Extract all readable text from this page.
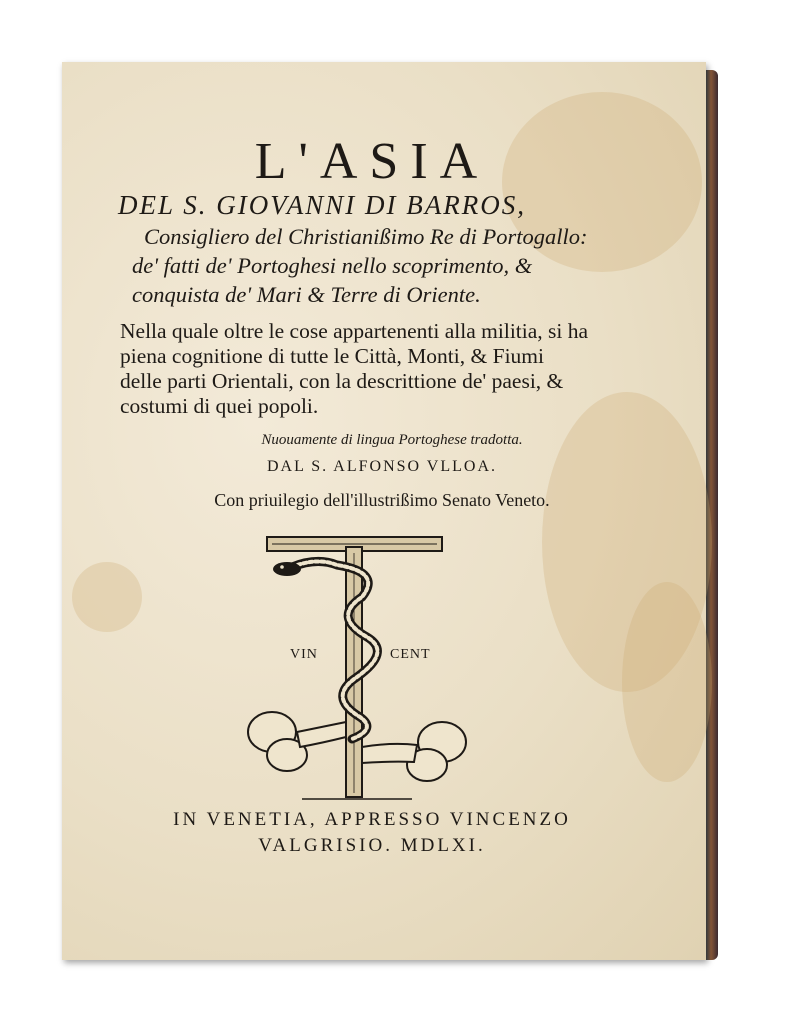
L'ASIA
DEL S. GIOVANNI DI BARROS,
Consigliero del Christianißimo Re di Portogallo:
de' fatti de' Portoghesi nello scoprimento, &
conquista de' Mari & Terre di Oriente.
Nella quale oltre le cose appartenenti alla militia, si ha
piena cognitione di tutte le Città, Monti, & Fiumi
delle parti Orientali, con la descrittione de' paesi, &
costumi di quei popoli.
Nuouamente di lingua Portoghese tradotta.
DAL S. ALFONSO VLLOA.
Con priuilegio dell'illustrißimo Senato Veneto.
VIN	CENT
IN VENETIA, APPRESSO VINCENZO
VALGRISIO. MDLXI.
